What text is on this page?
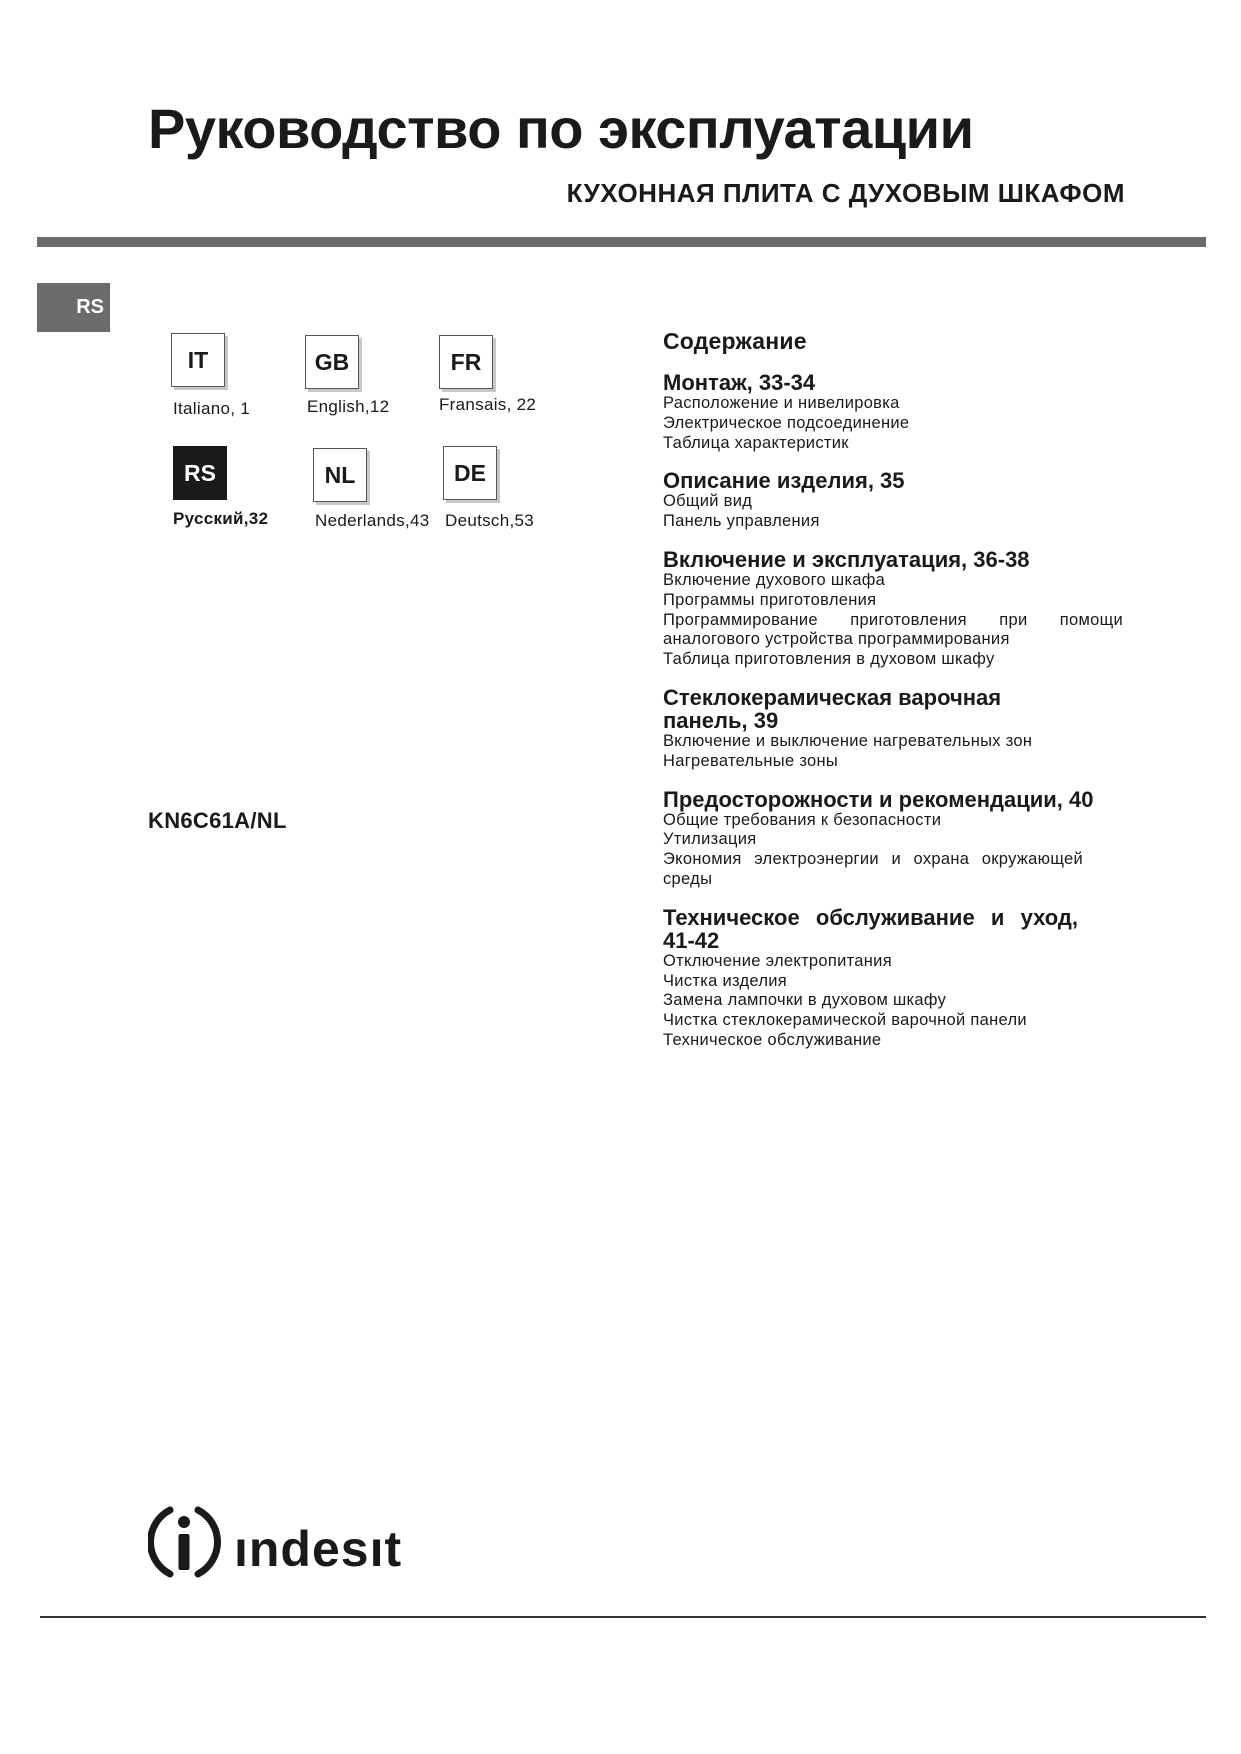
Руководство по эксплуатации
КУХОННАЯ ПЛИТА С ДУХОВЫМ ШКАФОМ
RS
IT
Italiano, 1
GB
English,12
FR
Fransais, 22
RS
Русский,32
NL
Nederlands,43
DE
Deutsch,53
KN6C61A/NL
Содержание
Монтаж, 33-34
Расположение и нивелировка
Электрическое подсоединение
Таблица характеристик
Описание изделия, 35
Общий вид
Панель управления
Включение и эксплуатация, 36-38
Включение духового шкафа
Программы приготовления
Программирование приготовления при помощи аналогового устройства программирования
Таблица приготовления в духовом шкафу
Стеклокерамическая варочная панель, 39
Включение и выключение нагревательных зон
Нагревательные зоны
Предосторожности и рекомендации, 40
Общие требования к безопасности
Утилизация
Экономия электроэнергии и охрана окружающей среды
Техническое обслуживание и уход, 41-42
Отключение электропитания
Чистка изделия
Замена лампочки в духовом шкафу
Чистка стеклокерамической варочной панели
Техническое обслуживание
ındesıt
